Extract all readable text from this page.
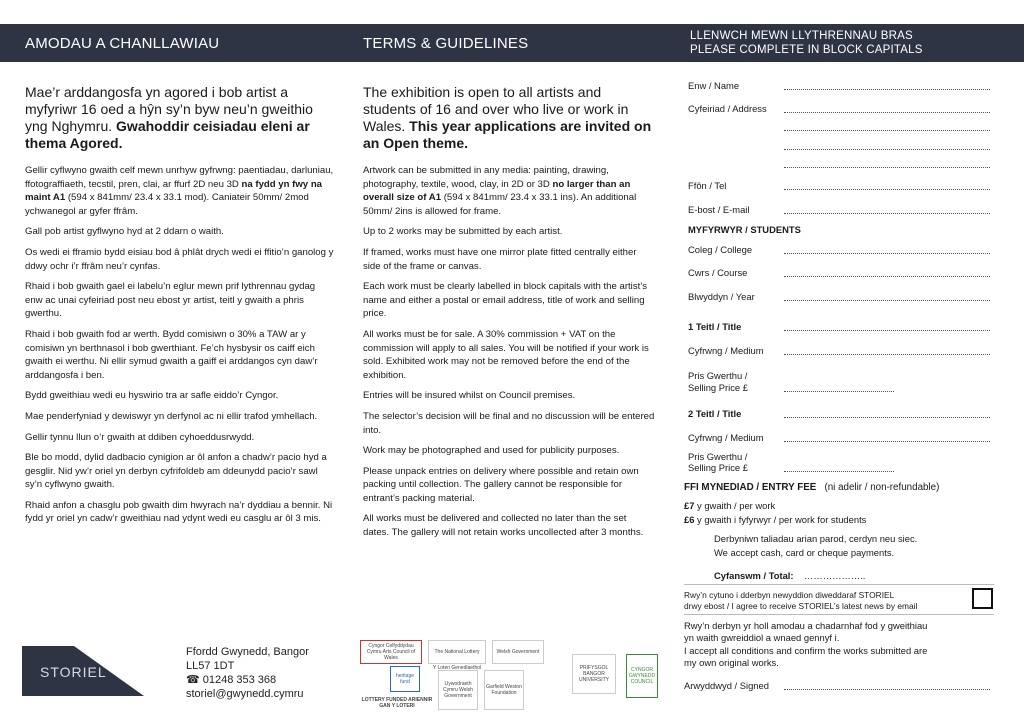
AMODAU A CHANLLAWIAU	TERMS & GUIDELINES	LLENWCH MEWN LLYTHRENNAU BRAS
PLEASE COMPLETE IN BLOCK CAPITALS
Mae’r arddangosfa yn agored i bob artist a myfyriwr 16 oed a hŷn sy’n byw neu’n gweithio yng Nghymru. Gwahoddir ceisiadau eleni ar thema Agored.

Gellir cyflwyno gwaith celf mewn unrhyw gyfrwng: paentiadau, darluniau, ffotograffiaeth, tecstil, pren, clai, ar ffurf 2D neu 3D na fydd yn fwy na maint A1 (594 x 841mm/ 23.4 x 33.1 mod). Caniateir 50mm/ 2mod ychwanegol ar gyfer ffrâm.

Gall pob artist gyflwyno hyd at 2 ddarn o waith.

Os wedi ei fframio bydd eisiau bod â phlât drych wedi ei ffitio’n ganolog y ddwy ochr i’r ffrâm neu’r cynfas.

Rhaid i bob gwaith gael ei labelu’n eglur mewn prif lythrennau gydag enw ac unai cyfeiriad post neu ebost yr artist, teitl y gwaith a phris gwerthu.

Rhaid i bob gwaith fod ar werth. Bydd comisiwn o 30% a TAW ar y comisiwn yn berthnasol i bob gwerthiant. Fe’ch hysbysir os caiff eich gwaith ei werthu. Ni ellir symud gwaith a gaiff ei arddangos cyn daw’r arddangosfa i ben.

Bydd gweithiau wedi eu hyswirio tra ar safle eiddo’r Cyngor.

Mae penderfyniad y dewiswyr yn derfynol ac ni ellir trafod ymhellach.

Gellir tynnu llun o’r gwaith at ddiben cyhoeddusrwydd.

Ble bo modd, dylid dadbacio cynigion ar ôl anfon a chadw’r pacio hyd a gesglir. Nid yw’r oriel yn derbyn cyfrifoldeb am ddeunydd pacio’r sawl sy’n cyflwyno gwaith.

Rhaid anfon a chasglu pob gwaith dim hwyrach na’r dyddiau a bennir. Ni fydd yr oriel yn cadw’r gweithiau nad ydynt wedi eu casglu ar ôl 3 mis.

The exhibition is open to all artists and students of 16 and over who live or work in Wales. This year applications are invited on an Open theme.

Artwork can be submitted in any media: painting, drawing, photography, textile, wood, clay, in 2D or 3D no larger than an overall size of A1 (594 x 841mm/ 23.4 x 33.1 ins). An additional 50mm/ 2ins is allowed for frame.

Up to 2 works may be submitted by each artist.

If framed, works must have one mirror plate fitted centrally either side of the frame or canvas.

Each work must be clearly labelled in block capitals with the artist’s name and either a postal or email address, title of work and selling price.

All works must be for sale. A 30% commission + VAT on the commission will apply to all sales. You will be notified if your work is sold. Exhibited work may not be removed before the end of the exhibition.

Entries will be insured whilst on Council premises.

The selector’s decision will be final and no discussion will be entered into.

Work may be photographed and used for publicity purposes.

Please unpack entries on delivery where possible and retain own packing until collection. The gallery cannot be responsible for entrant’s packing material.

All works must be delivered and collected no later than the set dates. The gallery will not retain works uncollected after 3 months.

Enw / Name
Cyfeiriad / Address
Ffôn / Tel
E-bost / E-mail
MYFYRWYR / STUDENTS
Coleg / College
Cwrs / Course
Blwyddyn / Year
1 Teitl / Title
Cyfrwng / Medium
Pris Gwerthu /
Selling Price £
2 Teitl / Title
Cyfrwng / Medium
Pris Gwerthu /
Selling Price £
FFI MYNEDIAD / ENTRY FEE (ni adelir / non-refundable)
£7 y gwaith / per work
£6 y gwaith i fyfyrwyr / per work for students
Derbyniwn taliadau arian parod, cerdyn neu siec.
We accept cash, card or cheque payments.
Cyfanswm / Total: ………………..
Rwy’n cytuno i dderbyn newyddion diweddaraf STORIEL
drwy ebost / I agree to receive STORIEL’s latest news by email
Rwy’n derbyn yr holl amodau a chadarnhaf fod y gweithiau
yn waith gwreiddiol a wnaed gennyf i.
I accept all conditions and confirm the works submitted are
my own original works.
Arwyddwyd / Signed
STORIEL
Ffordd Gwynedd, Bangor
LL57 1DT
☎ 01248 353 368
storiel@gwynedd.cymru
Cyngor Celfyddydau Cymru Arts Council of Wales
The National Lottery
Y Loteri Genedlaethol
Welsh Government
heritage fund
LOTTERY FUNDED ARIENNIR GAN Y LOTERI
Llywodraeth Cymru Welsh Government
Garfield Weston Foundation
PRIFYSGOL BANGOR UNIVERSITY
CYNGOR GWYNEDD COUNCIL
